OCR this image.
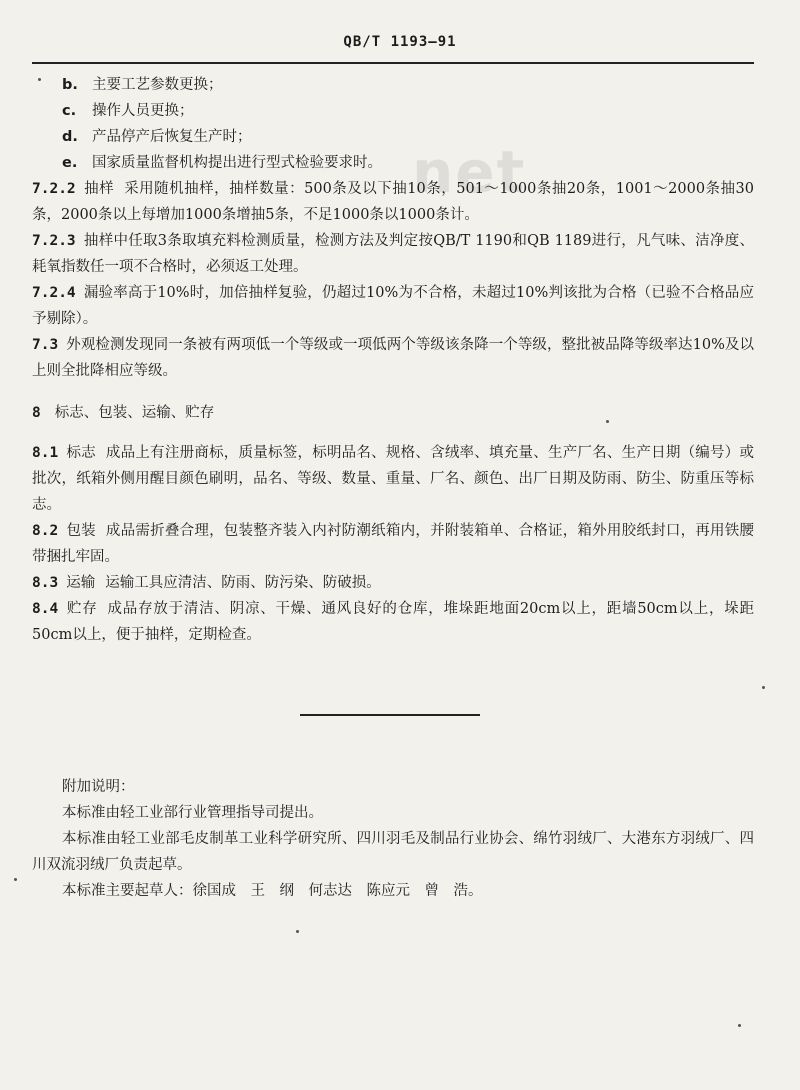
QB/T 1193—91
net
b. 主要工艺参数更换；
c. 操作人员更换；
d. 产品停产后恢复生产时；
e. 国家质量监督机构提出进行型式检验要求时。

7.2.2 抽样 采用随机抽样，抽样数量：500条及以下抽10条，501～1000条抽20条，1001～2000条抽30条，2000条以上每增加1000条增抽5条，不足1000条以1000条计。

7.2.3 抽样中任取3条取填充料检测质量，检测方法及判定按QB/T 1190和QB 1189进行，凡气味、洁净度、耗氧指数任一项不合格时，必须返工处理。

7.2.4 漏验率高于10%时，加倍抽样复验，仍超过10%为不合格，未超过10%判该批为合格（已验不合格品应予剔除）。

7.3 外观检测发现同一条被有两项低一个等级或一项低两个等级该条降一个等级，整批被品降等级率达10%及以上则全批降相应等级。

8 标志、包装、运输、贮存

8.1 标志 成品上有注册商标，质量标签，标明品名、规格、含绒率、填充量、生产厂名、生产日期（编号）或批次，纸箱外侧用醒目颜色刷明，品名、等级、数量、重量、厂名、颜色、出厂日期及防雨、防尘、防重压等标志。

8.2 包装 成品需折叠合理，包装整齐装入内衬防潮纸箱内，并附装箱单、合格证，箱外用胶纸封口，再用铁腰带捆扎牢固。

8.3 运输 运输工具应清洁、防雨、防污染、防破损。

8.4 贮存 成品存放于清洁、阴凉、干燥、通风良好的仓库，堆垛距地面20cm以上，距墙50cm以上，垛距50cm以上，便于抽样，定期检查。

附加说明：
本标准由轻工业部行业管理指导司提出。
本标准由轻工业部毛皮制革工业科学研究所、四川羽毛及制品行业协会、绵竹羽绒厂、大港东方羽绒厂、四川双流羽绒厂负责起草。
本标准主要起草人：徐国成　王　纲　何志达　陈应元　曾　浩。
